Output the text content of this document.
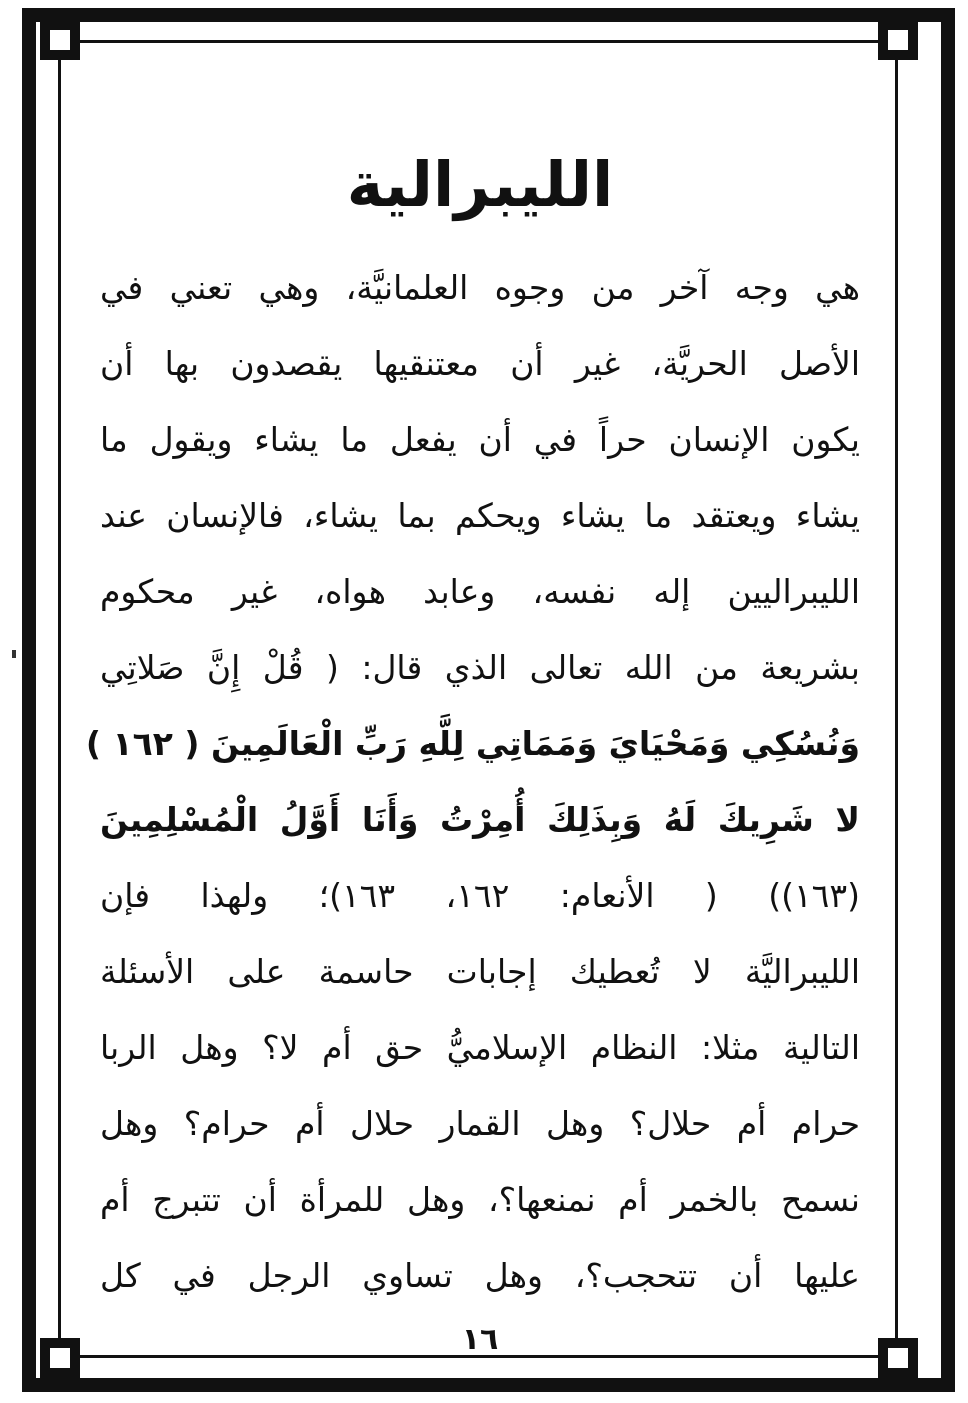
الليبرالية
هي وجه آخر من وجوه العلمانيَّة، وهي تعني في
الأصل الحريَّة، غير أن معتنقيها يقصدون بها أن
يكون الإنسان حراً في أن يفعل ما يشاء ويقول ما
يشاء ويعتقد ما يشاء ويحكم بما يشاء، فالإنسان عند
الليبراليين إله نفسه، وعابد هواه، غير محكوم
بشريعة من الله تعالى الذي قال: ( قُلْ إِنَّ صَلاتِي
وَنُسُكِي وَمَحْيَايَ وَمَمَاتِي لِلَّهِ رَبِّ الْعَالَمِينَ ( ١٦٢ )
لا شَرِيكَ لَهُ وَبِذَلِكَ أُمِرْتُ وَأَنَا أَوَّلُ الْمُسْلِمِينَ
(١٦٣)) ( الأنعام: ١٦٢، ١٦٣)؛ ولهذا فإن
الليبراليَّة لا تُعطيك إجابات حاسمة على الأسئلة
التالية مثلا: النظام الإسلاميُّ حق أم لا؟ وهل الربا
حرام أم حلال؟ وهل القمار حلال أم حرام؟ وهل
نسمح بالخمر أم نمنعها؟، وهل للمرأة أن تتبرج أم
عليها أن تتحجب؟، وهل تساوي الرجل في كل
١٦
